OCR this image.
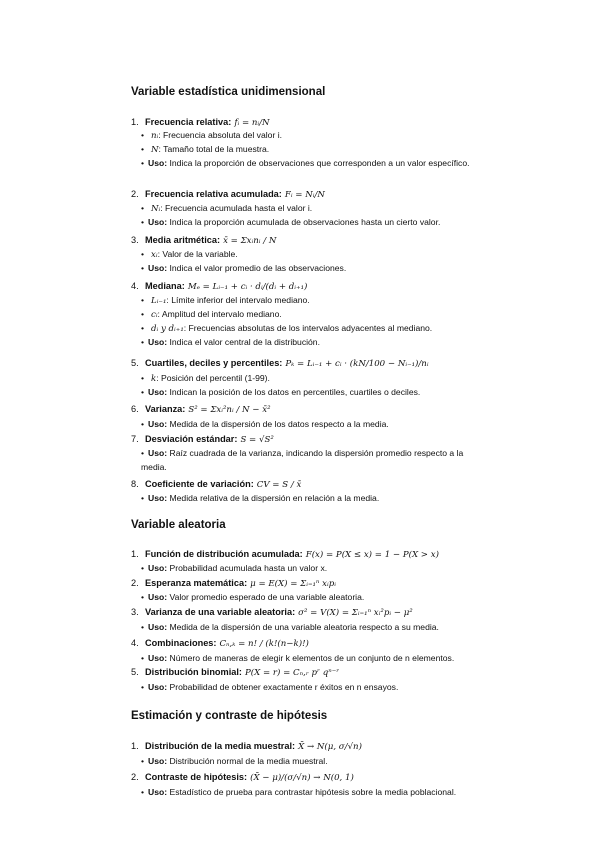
Variable estadística unidimensional
1. Frecuencia relativa: fᵢ = nᵢ/N
• nᵢ: Frecuencia absoluta del valor i.
• N: Tamaño total de la muestra.
• Uso: Indica la proporción de observaciones que corresponden a un valor específico.
2. Frecuencia relativa acumulada: Fᵢ = Nᵢ/N
• Nᵢ: Frecuencia acumulada hasta el valor i.
• Uso: Indica la proporción acumulada de observaciones hasta un cierto valor.
3. Media aritmética: x̄ = Σxᵢnᵢ / N
• xᵢ: Valor de la variable.
• Uso: Indica el valor promedio de las observaciones.
4. Mediana: Mₑ = Lᵢ₋₁ + cᵢ · dᵢ/(dᵢ + dᵢ₊₁)
• Lᵢ₋₁: Límite inferior del intervalo mediano.
• cᵢ: Amplitud del intervalo mediano.
• dᵢ y dᵢ₊₁: Frecuencias absolutas de los intervalos adyacentes al mediano.
• Uso: Indica el valor central de la distribución.
5. Cuartiles, deciles y percentiles: Pₖ = Lᵢ₋₁ + cᵢ · (kN/100 − Nᵢ₋₁)/nᵢ
• k: Posición del percentil (1-99).
• Uso: Indican la posición de los datos en percentiles, cuartiles o deciles.
6. Varianza: S² = Σxᵢ²nᵢ / N − x̄²
• Uso: Medida de la dispersión de los datos respecto a la media.
7. Desviación estándar: S = √S²
• Uso: Raíz cuadrada de la varianza, indicando la dispersión promedio respecto a la media.
8. Coeficiente de variación: CV = S / x̄
• Uso: Medida relativa de la dispersión en relación a la media.
Variable aleatoria
1. Función de distribución acumulada: F(x) = P(X ≤ x) = 1 − P(X > x)
• Uso: Probabilidad acumulada hasta un valor x.
2. Esperanza matemática: μ = E(X) = Σᵢ₌₁ⁿ xᵢpᵢ
• Uso: Valor promedio esperado de una variable aleatoria.
3. Varianza de una variable aleatoria: σ² = V(X) = Σᵢ₌₁ⁿ xᵢ²pᵢ − μ²
• Uso: Medida de la dispersión de una variable aleatoria respecto a su media.
4. Combinaciones: Cₙ,ₖ = n! / (k!(n−k)!)
• Uso: Número de maneras de elegir k elementos de un conjunto de n elementos.
5. Distribución binomial: P(X = r) = Cₙ,ᵣ pʳ qⁿ⁻ʳ
• Uso: Probabilidad de obtener exactamente r éxitos en n ensayos.
Estimación y contraste de hipótesis
1. Distribución de la media muestral: X̄ → N(μ, σ/√n)
• Uso: Distribución normal de la media muestral.
2. Contraste de hipótesis: (X̄ − μ)/(σ/√n) → N(0, 1)
• Uso: Estadístico de prueba para contrastar hipótesis sobre la media poblacional.
